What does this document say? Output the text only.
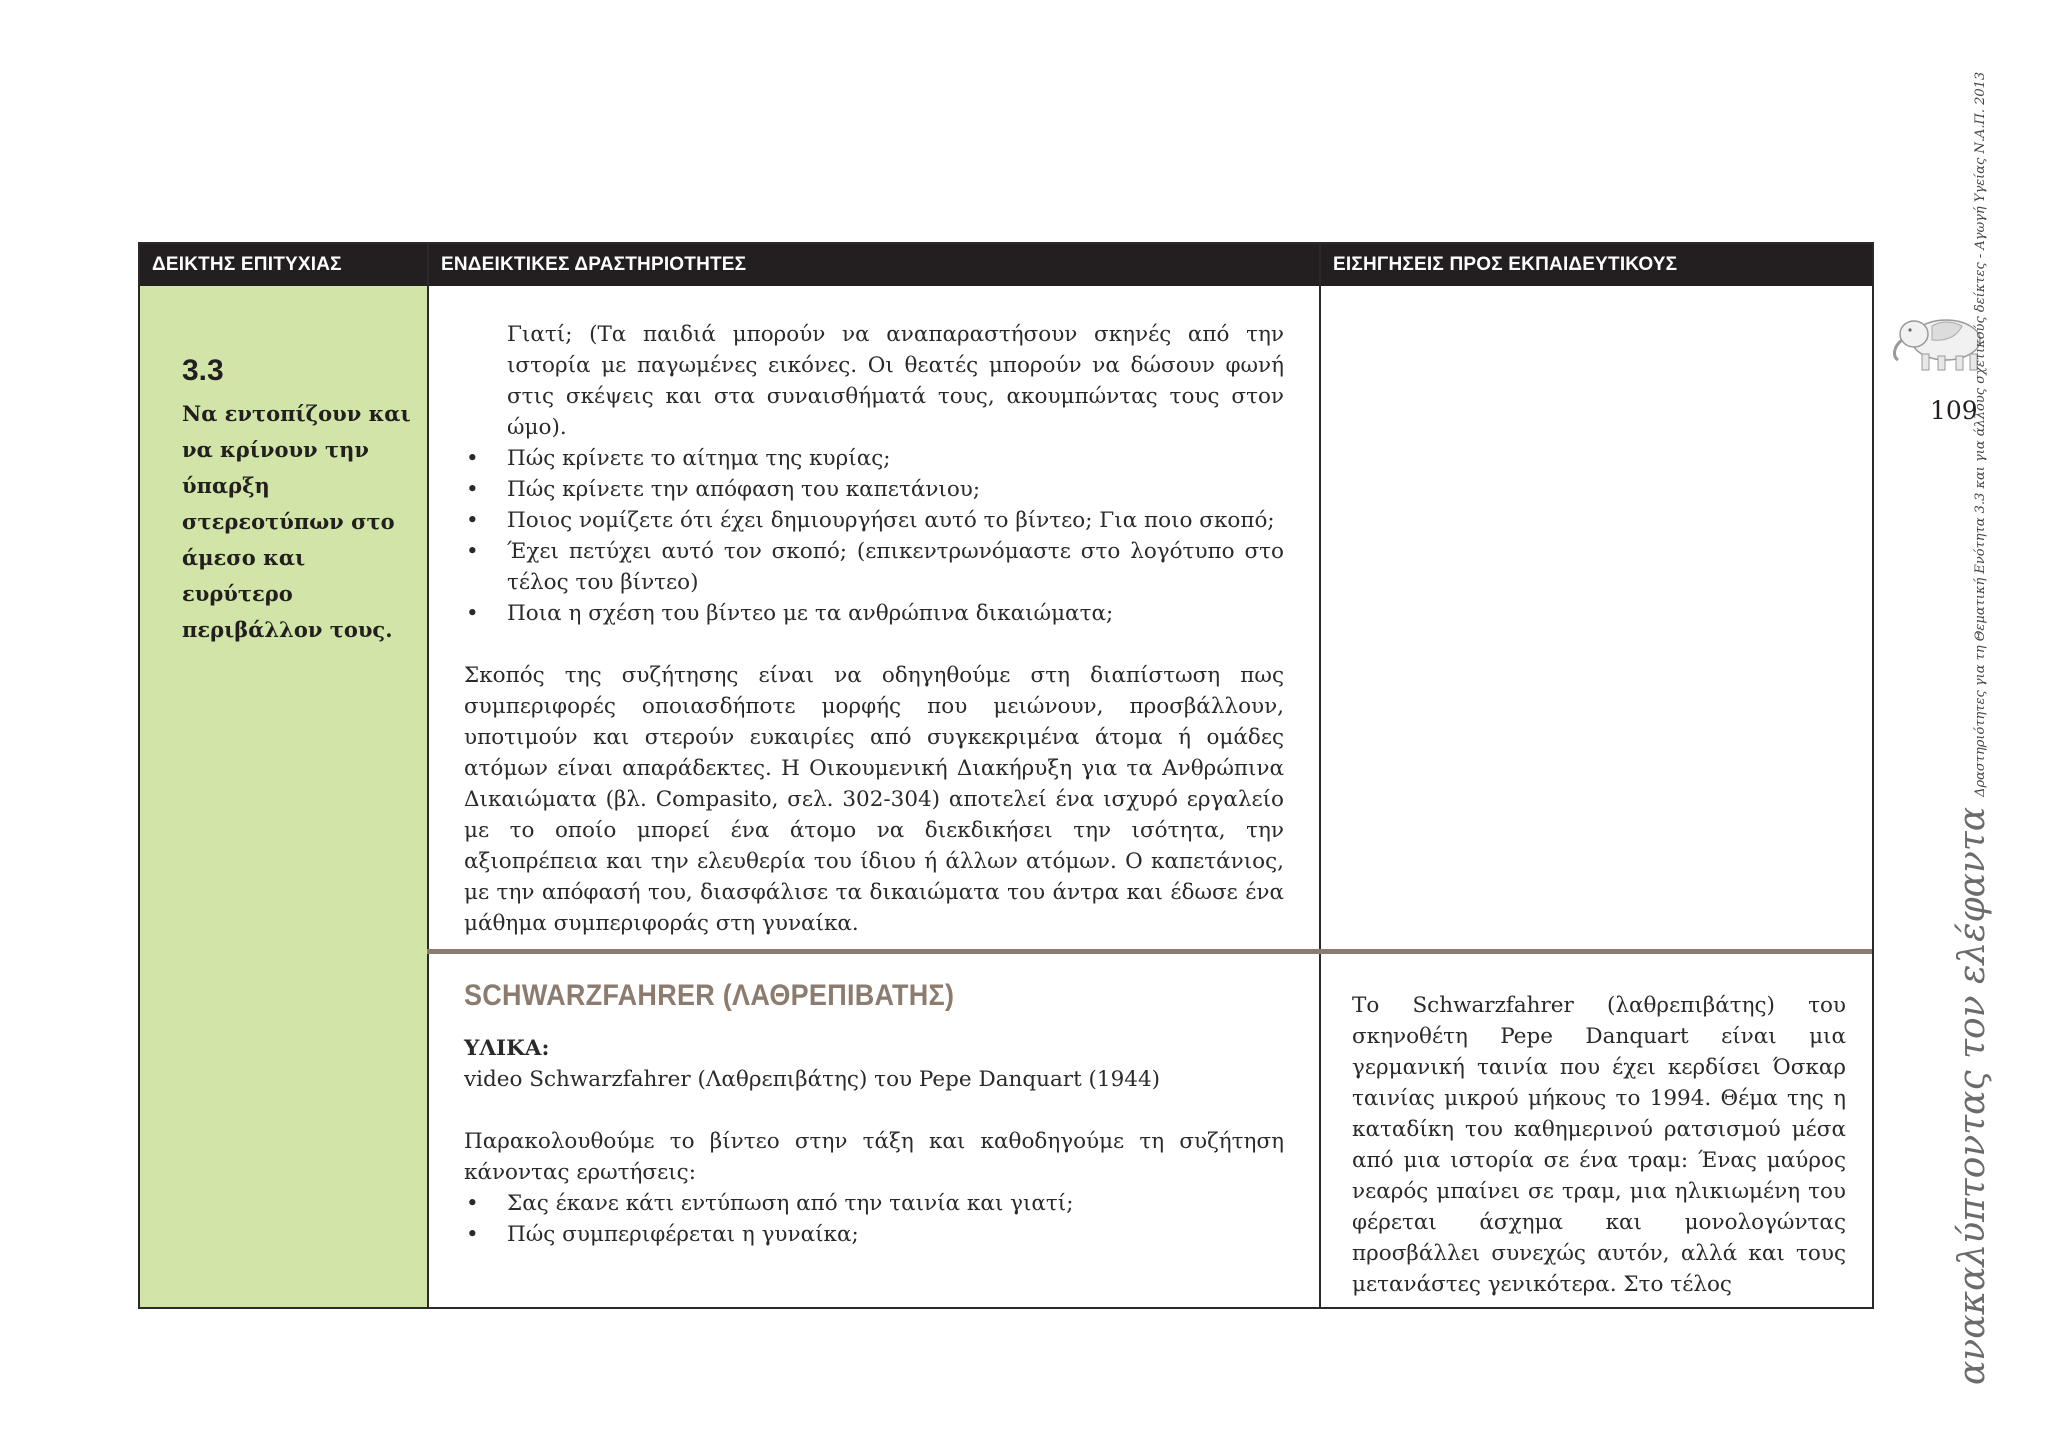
ΔΕΙΚΤΗΣ ΕΠΙΤΥΧΙΑΣ	ΕΝΔΕΙΚΤΙΚΕΣ ΔΡΑΣΤΗΡΙΟΤΗΤΕΣ	ΕΙΣΗΓΗΣΕΙΣ ΠΡΟΣ ΕΚΠΑΙΔΕΥΤΙΚΟΥΣ
3.3
Να εντοπίζουν και να κρίνουν την ύπαρξη στερεοτύπων στο άμεσο και ευρύτερο περιβάλλον τους.
Γιατί; (Τα παιδιά μπορούν να αναπαραστήσουν σκηνές από την ιστορία με παγωμένες εικόνες. Οι θεατές μπορούν να δώσουν φωνή στις σκέψεις και στα συναισθήματά τους, ακουμπώντας τους στον ώμο).
• Πώς κρίνετε το αίτημα της κυρίας;
• Πώς κρίνετε την απόφαση του καπετάνιου;
• Ποιος νομίζετε ότι έχει δημιουργήσει αυτό το βίντεο; Για ποιο σκοπό;
• Έχει πετύχει αυτό τον σκοπό; (επικεντρωνόμαστε στο λογότυπο στο τέλος του βίντεο)
• Ποια η σχέση του βίντεο με τα ανθρώπινα δικαιώματα;
Σκοπός της συζήτησης είναι να οδηγηθούμε στη διαπίστωση πως συμπεριφορές οποιασδήποτε μορφής που μειώνουν, προσβάλλουν, υποτιμούν και στερούν ευκαιρίες από συγκεκριμένα άτομα ή ομάδες ατόμων είναι απαράδεκτες. Η Οικουμενική Διακήρυξη για τα Ανθρώπινα Δικαιώματα (βλ. Compasito, σελ. 302-304) αποτελεί ένα ισχυρό εργαλείο με το οποίο μπορεί ένα άτομο να διεκδικήσει την ισότητα, την αξιοπρέπεια και την ελευθερία του ίδιου ή άλλων ατόμων. Ο καπετάνιος, με την απόφασή του, διασφάλισε τα δικαιώματα του άντρα και έδωσε ένα μάθημα συμπεριφοράς στη γυναίκα.
SCHWARZFAHRER (ΛΑΘΡΕΠΙΒΑΤΗΣ)
ΥΛΙΚΑ:
video Schwarzfahrer (Λαθρεπιβάτης) του Pepe Danquart (1944)
Παρακολουθούμε το βίντεο στην τάξη και καθοδηγούμε τη συζήτηση κάνοντας ερωτήσεις:
• Σας έκανε κάτι εντύπωση από την ταινία και γιατί;
• Πώς συμπεριφέρεται η γυναίκα;
Το Schwarzfahrer (λαθρεπιβάτης) του σκηνοθέτη Pepe Danquart είναι μια γερμανική ταινία που έχει κερδίσει Όσκαρ ταινίας μικρού μήκους το 1994. Θέμα της η καταδίκη του καθημερινού ρατσισμού μέσα από μια ιστορία σε ένα τραμ: Ένας μαύρος νεαρός μπαίνει σε τραμ, μια ηλικιωμένη του φέρεται άσχημα και μονολογώντας προσβάλλει συνεχώς αυτόν, αλλά και τους μετανάστες γενικότερα. Στο τέλος
109
ανακαλύπτοντας τον ελέφανταΔραστηριότητες για τη Θεματική Ενότητα 3.3 και για άλλους σχετικούς δείκτες - Αγωγή Υγείας Ν.Α.Π. 2013
